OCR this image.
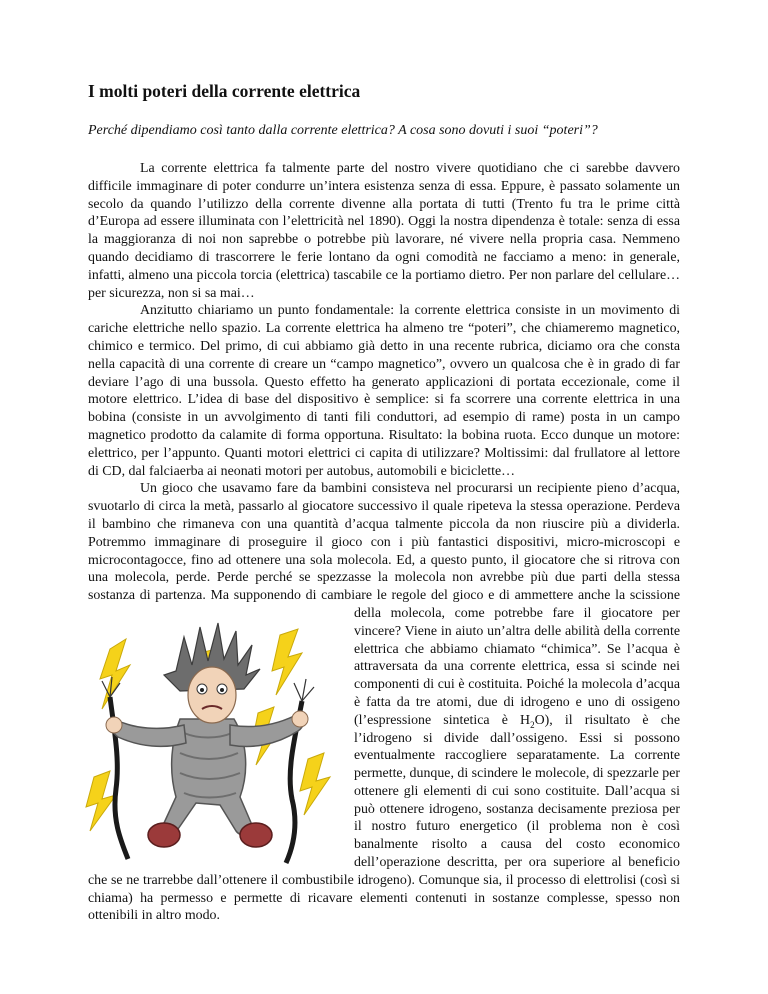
I molti poteri della corrente elettrica
Perché dipendiamo così tanto dalla corrente elettrica? A cosa sono dovuti i suoi “poteri”?

La corrente elettrica fa talmente parte del nostro vivere quotidiano che ci sarebbe davvero difficile immaginare di poter condurre un’intera esistenza senza di essa. Eppure, è passato solamente un secolo da quando l’utilizzo della corrente divenne alla portata di tutti (Trento fu tra le prime città d’Europa ad essere illuminata con l’elettricità nel 1890). Oggi la nostra dipendenza è totale: senza di essa la maggioranza di noi non saprebbe o potrebbe più lavorare, né vivere nella propria casa. Nemmeno quando decidiamo di trascorrere le ferie lontano da ogni comodità ne facciamo a meno: in generale, infatti, almeno una piccola torcia (elettrica) tascabile ce la portiamo dietro. Per non parlare del cellulare… per sicurezza, non si sa mai…

Anzitutto chiariamo un punto fondamentale: la corrente elettrica consiste in un movimento di cariche elettriche nello spazio. La corrente elettrica ha almeno tre “poteri”, che chiameremo magnetico, chimico e termico. Del primo, di cui abbiamo già detto in una recente rubrica, diciamo ora che consta nella capacità di una corrente di creare un “campo magnetico”, ovvero un qualcosa che è in grado di far deviare l’ago di una bussola. Questo effetto ha generato applicazioni di portata eccezionale, come il motore elettrico. L’idea di base del dispositivo è semplice: si fa scorrere una corrente elettrica in una bobina (consiste in un avvolgimento di tanti fili conduttori, ad esempio di rame) posta in un campo magnetico prodotto da calamite di forma opportuna. Risultato: la bobina ruota. Ecco dunque un motore: elettrico, per l’appunto. Quanti motori elettrici ci capita di utilizzare? Moltissimi: dal frullatore al lettore di CD, dal falciaerba ai neonati motori per autobus, automobili e biciclette…

Un gioco che usavamo fare da bambini consisteva nel procurarsi un recipiente pieno d’acqua, svuotarlo di circa la metà, passarlo al giocatore successivo il quale ripeteva la stessa operazione. Perdeva il bambino che rimaneva con una quantità d’acqua talmente piccola da non riuscire più a dividerla. Potremmo immaginare di proseguire il gioco con i più fantastici dispositivi, micro-microscopi e microcontagocce, fino ad ottenere una sola molecola. Ed, a questo punto, il giocatore che si ritrova con una molecola, perde. Perde perché se spezzasse la molecola non avrebbe più due parti della stessa sostanza di partenza. Ma supponendo di cambiare le regole del
gioco e di ammettere anche la scissione della molecola, come potrebbe fare il giocatore per vincere? Viene in aiuto un’altra delle abilità della corrente elettrica che abbiamo chiamato “chimica”. Se l’acqua è attraversata da una corrente elettrica, essa si scinde nei componenti di cui è costituita. Poiché la molecola d’acqua è fatta da tre atomi, due di idrogeno e uno di ossigeno (l’espressione sintetica è $H_2O$), il risultato è che l’idrogeno si divide dall’ossigeno. Essi si possono eventualmente raccogliere separatamente. La corrente permette, dunque, di scindere le molecole, di spezzarle per ottenere gli elementi di cui sono costituite. Dall’acqua si può ottenere idrogeno, sostanza decisamente preziosa per il nostro futuro energetico (il problema non è così banalmente risolto a causa del costo economico dell’operazione descritta, per ora superiore al beneficio che se ne trarrebbe dall’ottenere il combustibile idrogeno). Comunque sia, il processo di elettrolisi (così si chiama) ha permesso e permette di ricavare elementi contenuti in sostanze complesse, spesso non ottenibili in altro modo.
